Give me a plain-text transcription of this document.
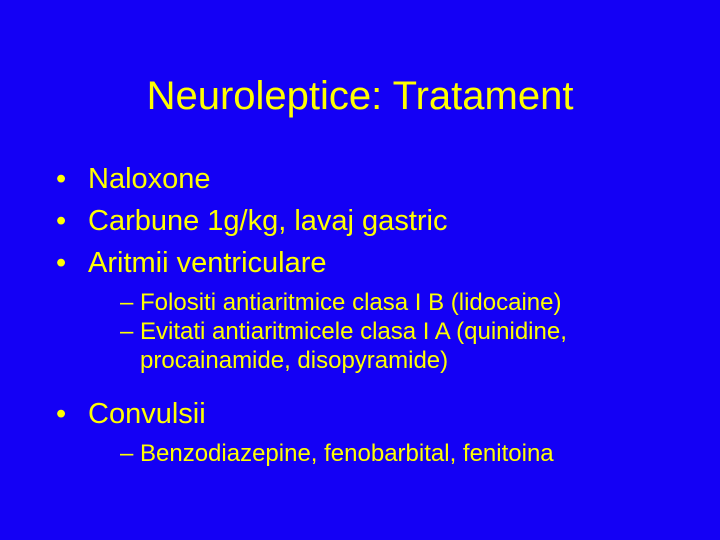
Neuroleptice: Tratament
• Naloxone
• Carbune 1g/kg, lavaj gastric
• Aritmii ventriculare
– Folositi antiaritmice clasa I B (lidocaine)
– Evitati antiaritmicele clasa I A (quinidine, procainamide, disopyramide)
• Convulsii
– Benzodiazepine, fenobarbital, fenitoina
